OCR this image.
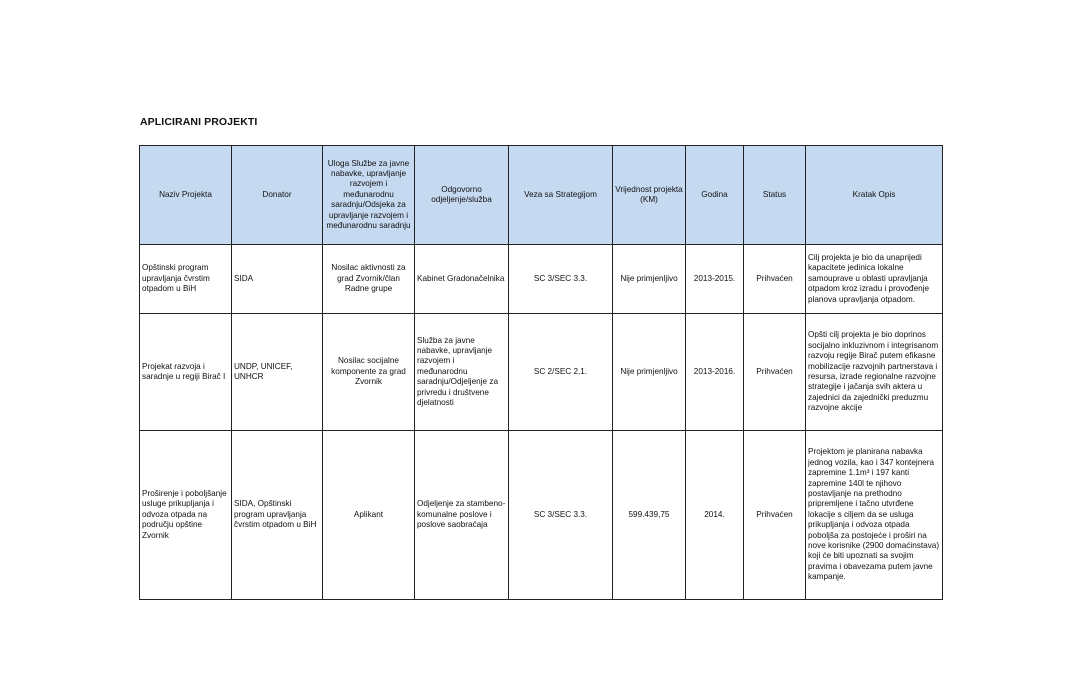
APLICIRANI PROJEKTI
Naziv Projekta	Donator	Uloga Službe za javne nabavke, upravljanje razvojem i međunarodnu saradnju/Odsjeka za upravljanje razvojem i međunarodnu saradnju	Odgovorno odjeljenje/služba	Veza sa Strategijom	Vrijednost projekta (KM)	Godina	Status	Kratak Opis
Opštinski program upravljanja čvrstim otpadom u BiH	SIDA	Nosilac aktivnosti za grad Zvornik/član Radne grupe	Kabinet Gradonačelnika	SC 3/SEC 3.3.	Nije primjenljivo	2013-2015.	Prihvaćen	Cilj projekta je bio da unaprijedi kapacitete jedinica lokalne samouprave u oblasti upravljanja otpadom kroz izradu i provođenje planova upravljanja otpadom.
Projekat razvoja i saradnje u regiji Birač I	UNDP, UNICEF, UNHCR	Nosilac socijalne komponente za grad Zvornik	Služba za javne nabavke, upravljanje razvojem i međunarodnu saradnju/Odjeljenje za privredu i društvene djelatnosti	SC 2/SEC 2.1.	Nije primjenljivo	2013-2016.	Prihvaćen	Opšti cilj projekta je bio doprinos socijalno inkluzivnom i integrisanom razvoju regije Birač putem efikasne mobilizacije razvojnih partnerstava i resursa, izrade regionalne razvojne strategije i jačanja svih aktera u zajednici da zajednički preduzmu razvojne akcije
Proširenje i poboljšanje usluge prikupljanja i odvoza otpada na području opštine Zvornik	SIDA, Opštinski program upravljanja čvrstim otpadom u BiH	Aplikant	Odjeljenje za stambeno-komunalne poslove i poslove saobraćaja	SC 3/SEC 3.3.	599.439,75	2014.	Prihvaćen	Projektom je planirana nabavka jednog vozila, kao i 347 kontejnera zapremine 1.1m³ i 197 kanti zapremine 140l te njihovo postavljanje na prethodno pripremljene i tačno utvrđene lokacije s ciljem da se usluga prikupljanja i odvoza otpada poboljša za postojeće i proširi na nove korisnike (2900 domaćinstava) koji će biti upoznati sa svojim pravima i obavezama putem javne kampanje.
